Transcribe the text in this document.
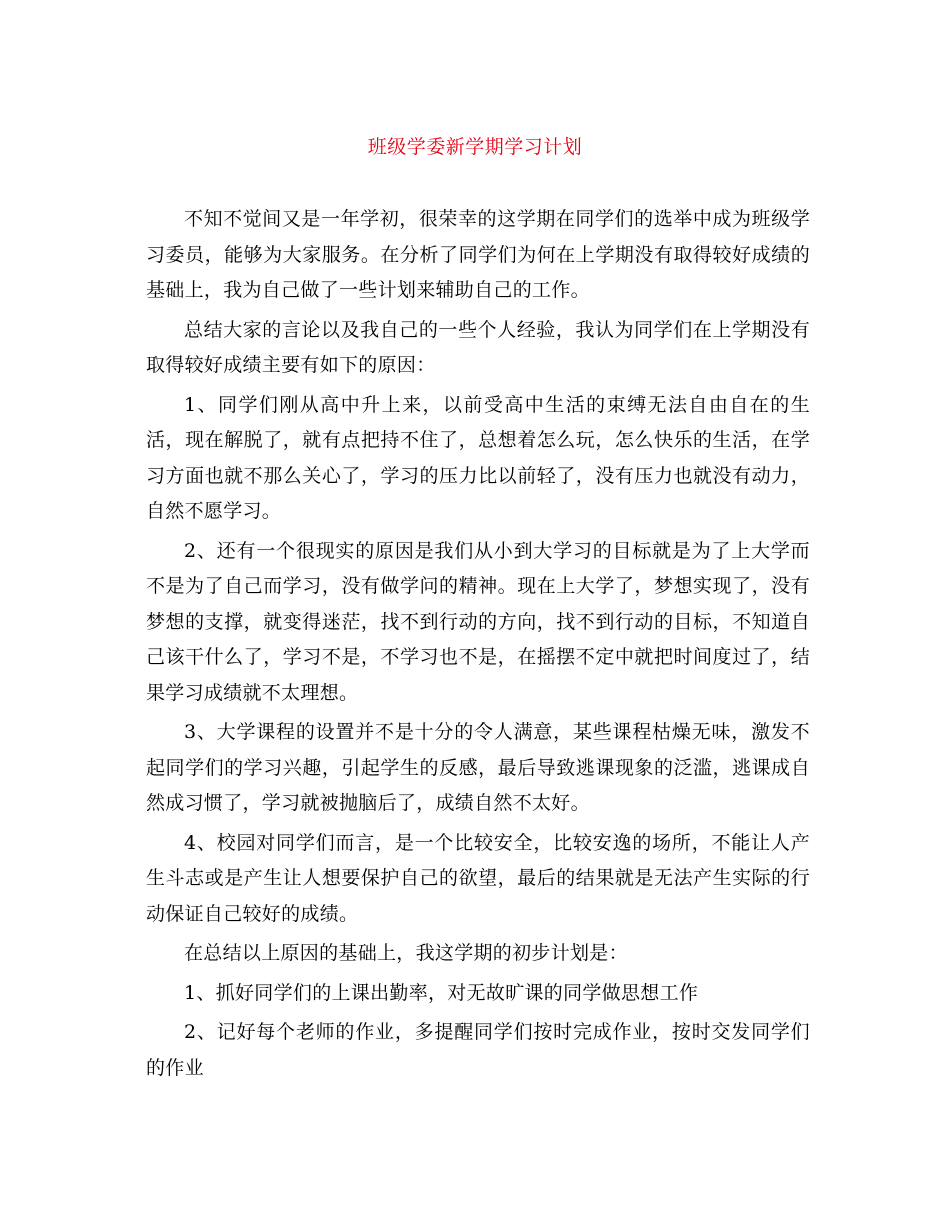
班级学委新学期学习计划

不知不觉间又是一年学初，很荣幸的这学期在同学们的选举中成为班级学习委员，能够为大家服务。在分析了同学们为何在上学期没有取得较好成绩的基础上，我为自己做了一些计划来辅助自己的工作。

总结大家的言论以及我自己的一些个人经验，我认为同学们在上学期没有取得较好成绩主要有如下的原因：

1、同学们刚从高中升上来，以前受高中生活的束缚无法自由自在的生活，现在解脱了，就有点把持不住了，总想着怎么玩，怎么快乐的生活，在学习方面也就不那么关心了，学习的压力比以前轻了，没有压力也就没有动力，自然不愿学习。

2、还有一个很现实的原因是我们从小到大学习的目标就是为了上大学而不是为了自己而学习，没有做学问的精神。现在上大学了，梦想实现了，没有梦想的支撑，就变得迷茫，找不到行动的方向，找不到行动的目标，不知道自己该干什么了，学习不是，不学习也不是，在摇摆不定中就把时间度过了，结果学习成绩就不太理想。

3、大学课程的设置并不是十分的令人满意，某些课程枯燥无味，激发不起同学们的学习兴趣，引起学生的反感，最后导致逃课现象的泛滥，逃课成自然成习惯了，学习就被抛脑后了，成绩自然不太好。

4、校园对同学们而言，是一个比较安全，比较安逸的场所，不能让人产生斗志或是产生让人想要保护自己的欲望，最后的结果就是无法产生实际的行动保证自己较好的成绩。

在总结以上原因的基础上，我这学期的初步计划是：

1、抓好同学们的上课出勤率，对无故旷课的同学做思想工作

2、记好每个老师的作业，多提醒同学们按时完成作业，按时交发同学们的作业
